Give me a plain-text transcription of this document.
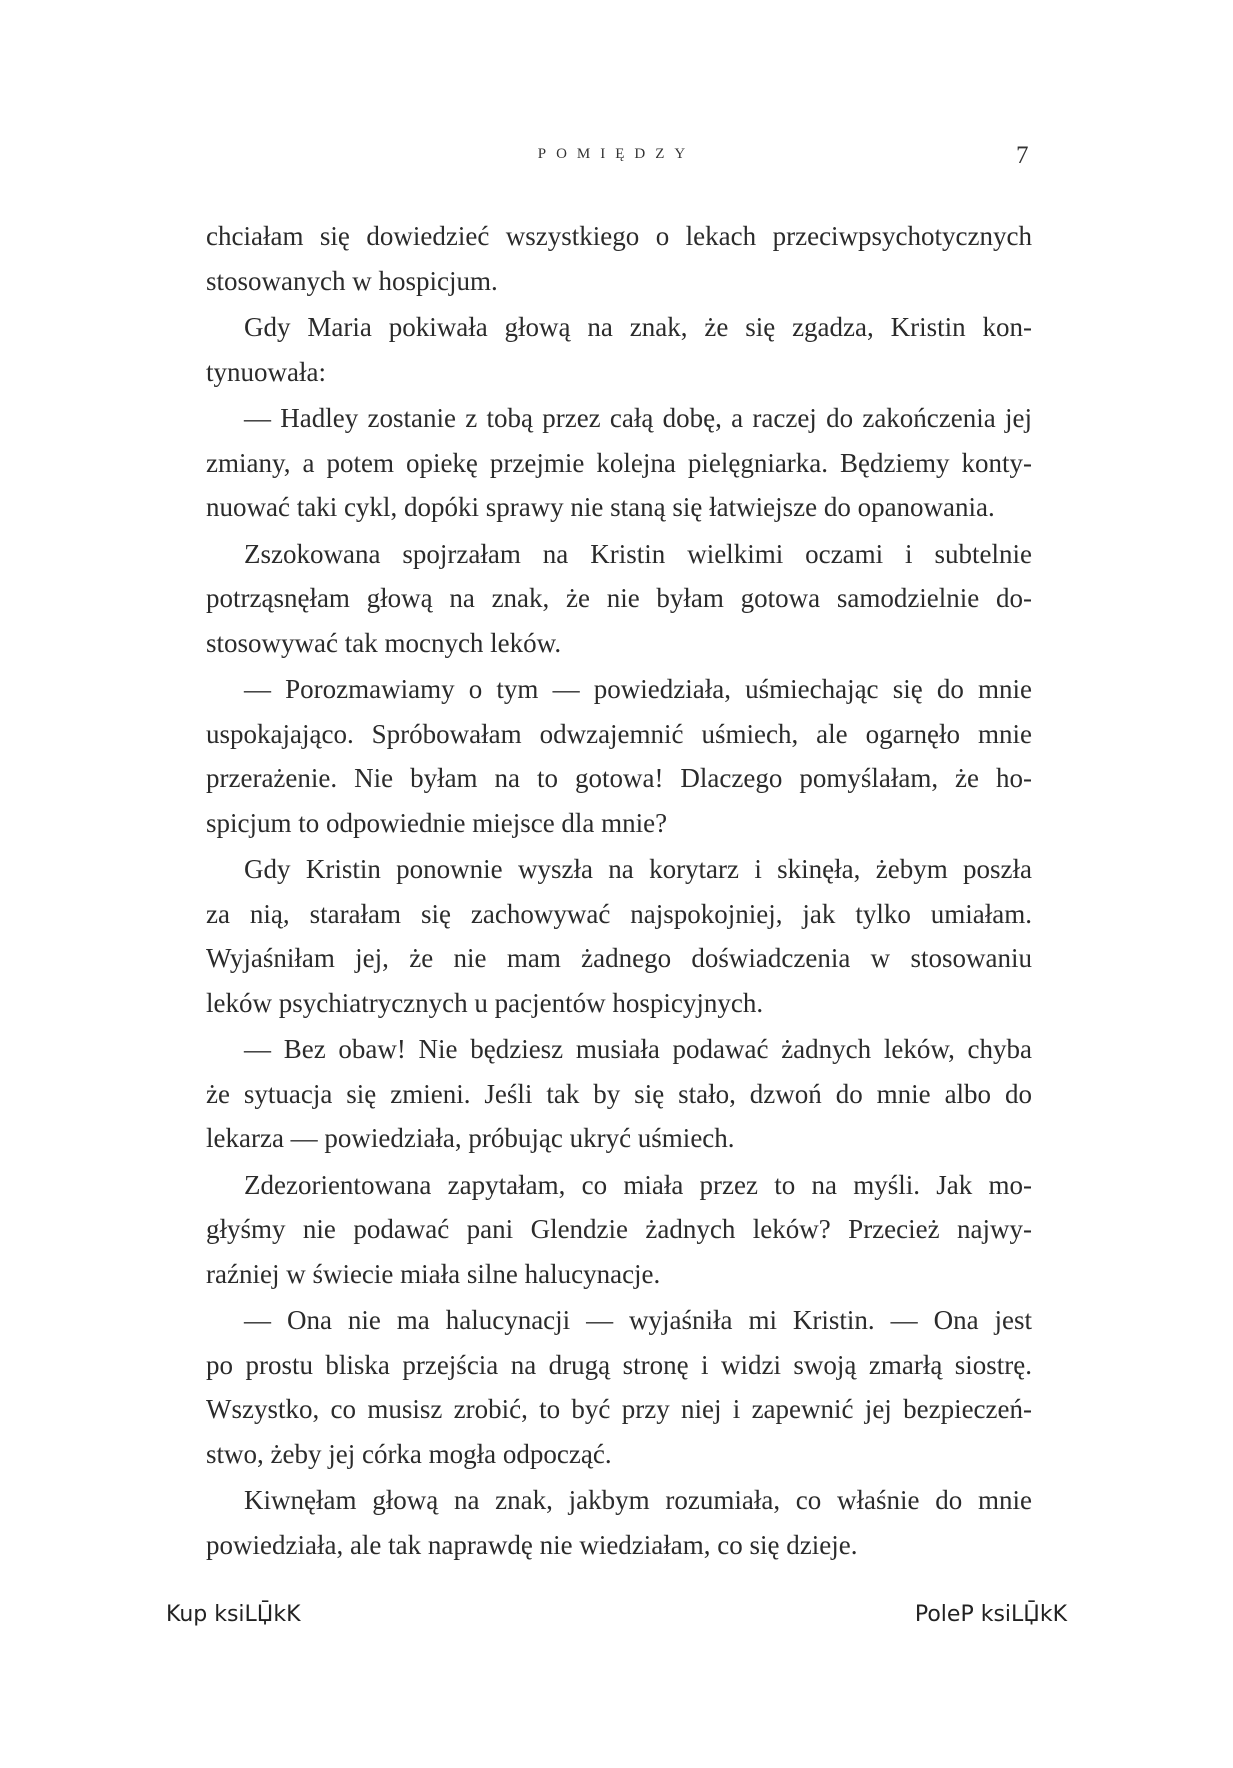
POMIĘDZY	7
chciałam się dowiedzieć wszystkiego o lekach przeciwpsychotycznych
stosowanych w hospicjum.
Gdy Maria pokiwała głową na znak, że się zgadza, Kristin kon-
tynuowała:
— Hadley zostanie z tobą przez całą dobę, a raczej do zakończenia jej
zmiany, a potem opiekę przejmie kolejna pielęgniarka. Będziemy konty-
nuować taki cykl, dopóki sprawy nie staną się łatwiejsze do opanowania.
Zszokowana spojrzałam na Kristin wielkimi oczami i subtelnie
potrząsnęłam głową na znak, że nie byłam gotowa samodzielnie do-
stosowywać tak mocnych leków.
— Porozmawiamy o tym — powiedziała, uśmiechając się do mnie
uspokajająco. Spróbowałam odwzajemnić uśmiech, ale ogarnęło mnie
przerażenie. Nie byłam na to gotowa! Dlaczego pomyślałam, że ho-
spicjum to odpowiednie miejsce dla mnie?
Gdy Kristin ponownie wyszła na korytarz i skinęła, żebym poszła
za nią, starałam się zachowywać najspokojniej, jak tylko umiałam.
Wyjaśniłam jej, że nie mam żadnego doświadczenia w stosowaniu
leków psychiatrycznych u pacjentów hospicyjnych.
— Bez obaw! Nie będziesz musiała podawać żadnych leków, chyba
że sytuacja się zmieni. Jeśli tak by się stało, dzwoń do mnie albo do
lekarza — powiedziała, próbując ukryć uśmiech.
Zdezorientowana zapytałam, co miała przez to na myśli. Jak mo-
głyśmy nie podawać pani Glendzie żadnych leków? Przecież najwy-
raźniej w świecie miała silne halucynacje.
— Ona nie ma halucynacji — wyjaśniła mi Kristin. — Ona jest
po prostu bliska przejścia na drugą stronę i widzi swoją zmarłą siostrę.
Wszystko, co musisz zrobić, to być przy niej i zapewnić jej bezpieczeń-
stwo, żeby jej córka mogła odpocząć.
Kiwnęłam głową na znak, jakbym rozumiała, co właśnie do mnie
powiedziała, ale tak naprawdę nie wiedziałam, co się dzieje.
Kup ksiLЏ̄kK	PoleP ksiLЏ̄kK
